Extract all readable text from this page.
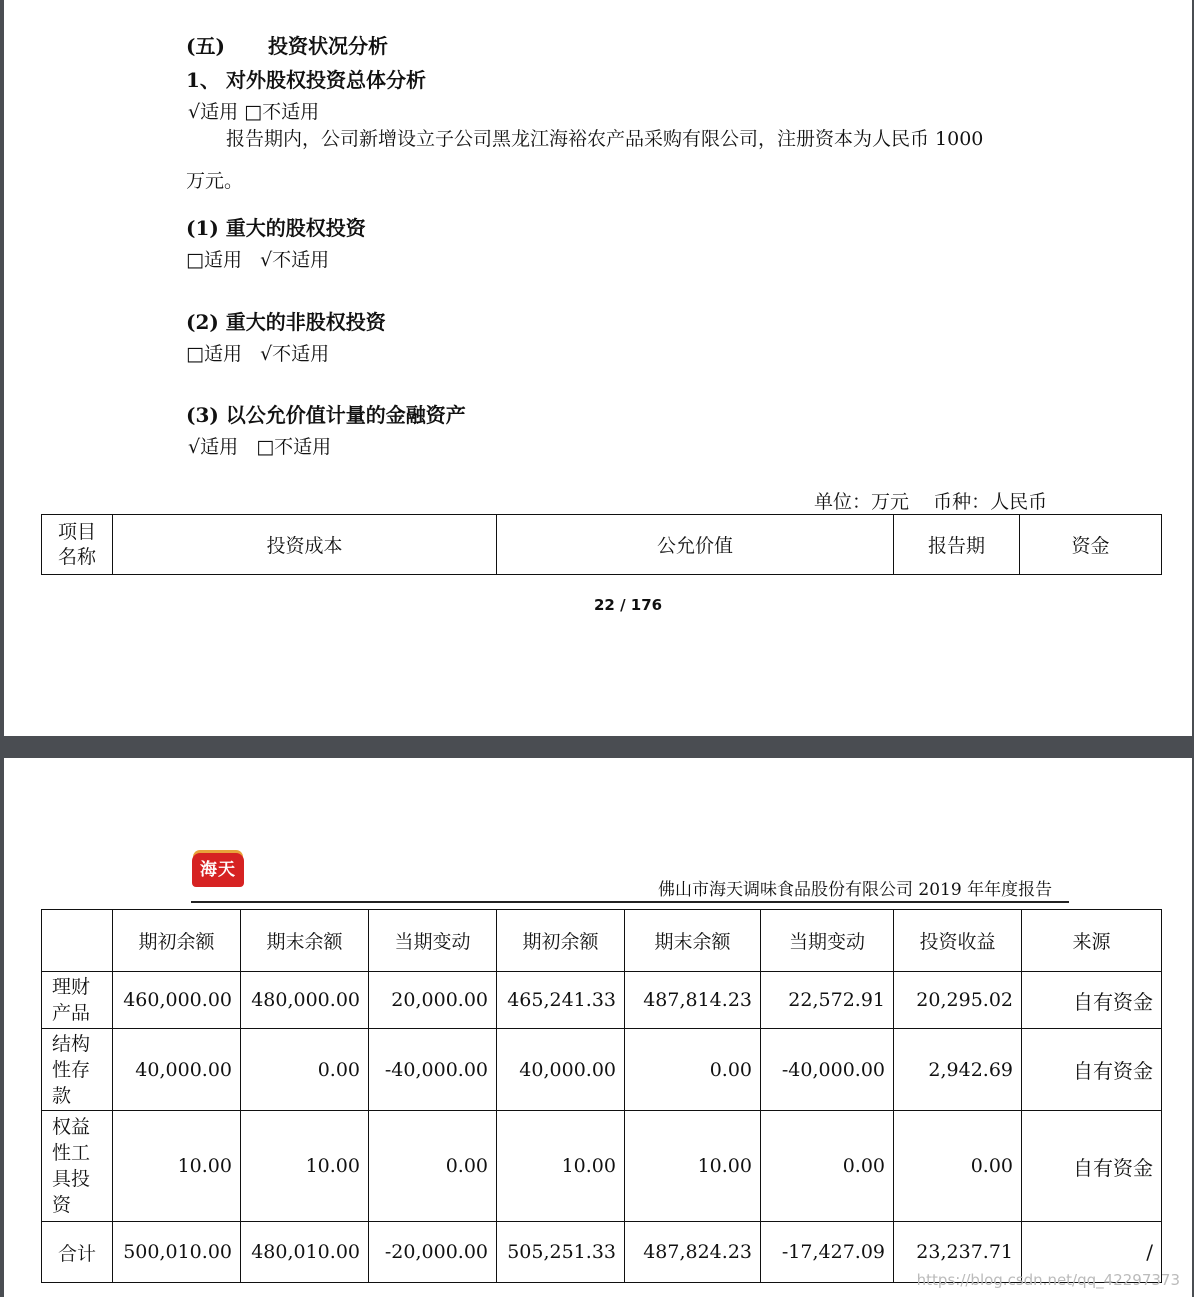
(五) 投资状况分析
1、 对外股权投资总体分析
√适用 □不适用
报告期内，公司新增设立子公司黑龙江海裕农产品采购有限公司，注册资本为人民币 1000
万元。
(1) 重大的股权投资
□适用   √不适用
(2) 重大的非股权投资
□适用   √不适用
(3) 以公允价值计量的金融资产
√适用   □不适用
单位：万元    币种：人民币
项目
名称	投资成本	公允价值	报告期	资金
22 / 176
海天
佛山市海天调味食品股份有限公司 2019 年年度报告
	期初余额	期末余额	当期变动	期初余额	期末余额	当期变动	投资收益	来源

理财
产品	460,000.00	480,000.00	20,000.00	465,241.33	487,814.23	22,572.91	20,295.02	自有资金

结构
性存
款	40,000.00	0.00	-40,000.00	40,000.00	0.00	-40,000.00	2,942.69	自有资金

权益
性工
具投
资	10.00	10.00	0.00	10.00	10.00	0.00	0.00	自有资金

合计	500,010.00	480,010.00	-20,000.00	505,251.33	487,824.23	-17,427.09	23,237.71	/
https://blog.csdn.net/qq_42297373
